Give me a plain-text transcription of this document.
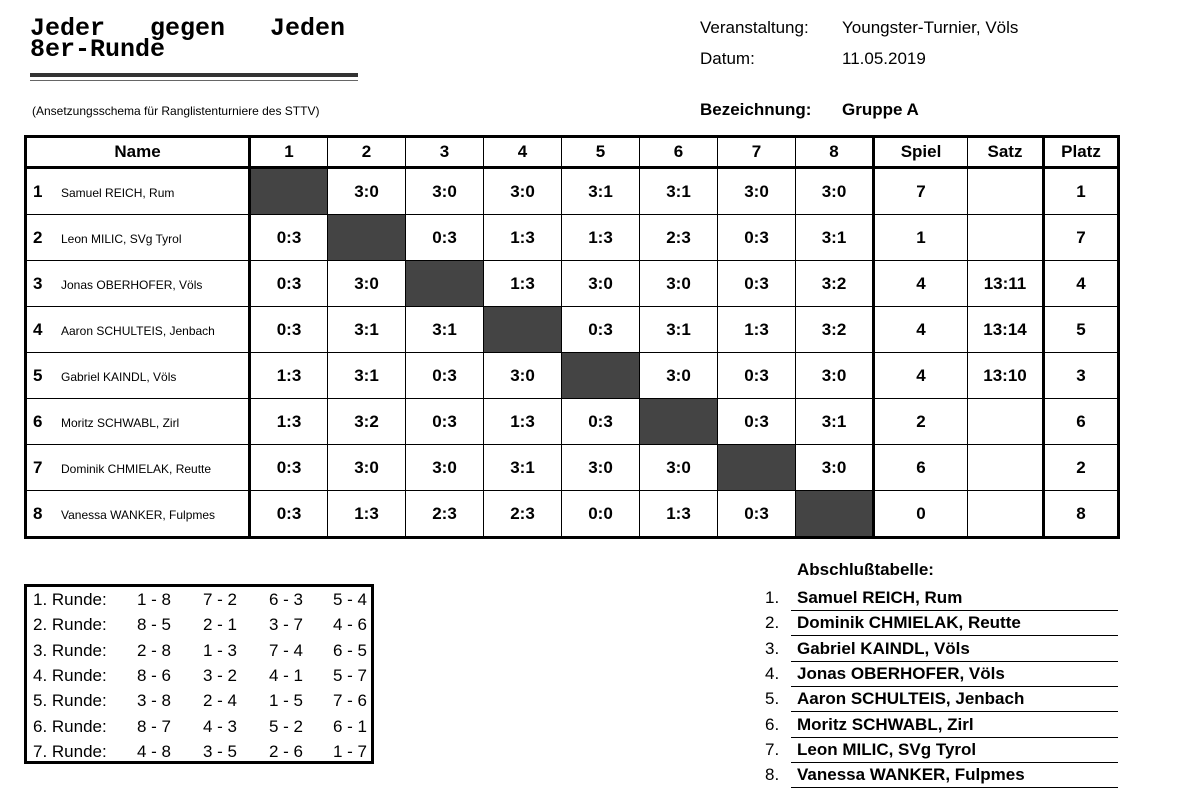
Jeder   gegen   Jeden
8er-Runde
(Ansetzungsschema für Ranglistenturniere des STTV)
Veranstaltung: Youngster-Turnier, Völs
Datum:	11.05.2019
Bezeichnung: Gruppe A
Name	1	2	3	4	5	6	7	8	Spiel	Satz	Platz
1 Samuel REICH, Rum		3:0	3:0	3:0	3:1	3:1	3:0	3:0	7		1
2 Leon MILIC, SVg Tyrol	0:3		0:3	1:3	1:3	2:3	0:3	3:1	1		7
3 Jonas OBERHOFER, Völs	0:3	3:0		1:3	3:0	3:0	0:3	3:2	4	13:11	4
4 Aaron SCHULTEIS, Jenbach	0:3	3:1	3:1		0:3	3:1	1:3	3:2	4	13:14	5
5 Gabriel KAINDL, Völs	1:3	3:1	0:3	3:0		3:0	0:3	3:0	4	13:10	3
6 Moritz SCHWABL, Zirl	1:3	3:2	0:3	1:3	0:3		0:3	3:1	2		6
7 Dominik CHMIELAK, Reutte	0:3	3:0	3:0	3:1	3:0	3:0		3:0	6		2
8 Vanessa WANKER, Fulpmes	0:3	1:3	2:3	2:3	0:0	1:3	0:3		0		8
1. Runde: 1 - 8 7 - 2 6 - 3 5 - 4
2. Runde: 8 - 5 2 - 1 3 - 7 4 - 6
3. Runde: 2 - 8 1 - 3 7 - 4 6 - 5
4. Runde: 8 - 6 3 - 2 4 - 1 5 - 7
5. Runde: 3 - 8 2 - 4 1 - 5 7 - 6
6. Runde: 8 - 7 4 - 3 5 - 2 6 - 1
7. Runde: 4 - 8 3 - 5 2 - 6 1 - 7
Abschlußtabelle:
1. Samuel REICH, Rum
2. Dominik CHMIELAK, Reutte
3. Gabriel KAINDL, Völs
4. Jonas OBERHOFER, Völs
5. Aaron SCHULTEIS, Jenbach
6. Moritz SCHWABL, Zirl
7. Leon MILIC, SVg Tyrol
8. Vanessa WANKER, Fulpmes
